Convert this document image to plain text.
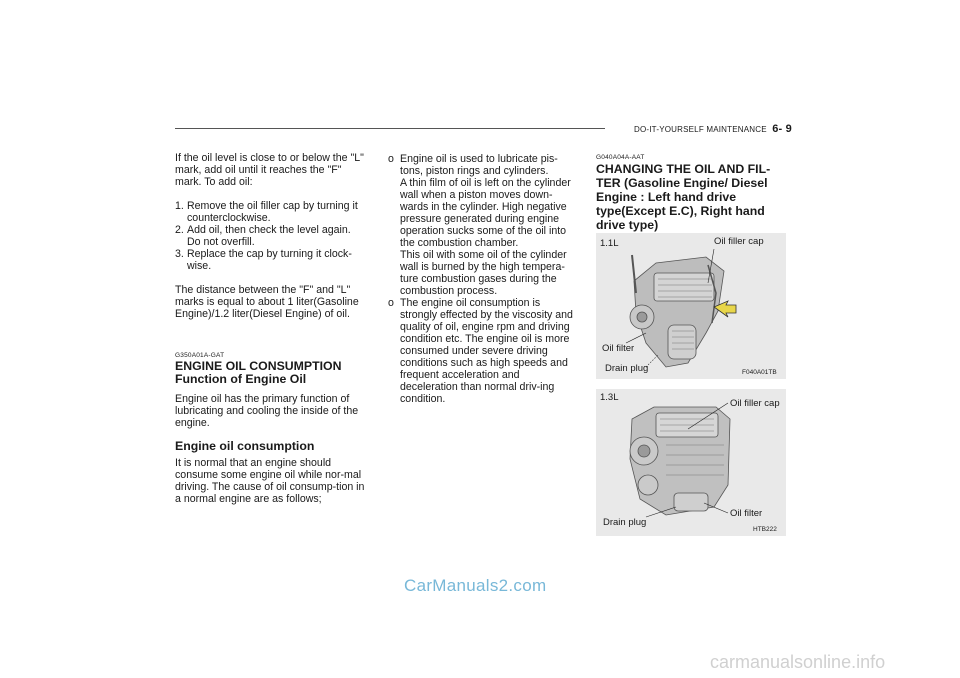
DO-IT-YOURSELF MAINTENANCE 6- 9

If the oil level is close to or below the "L" mark, add oil until it reaches the "F" mark. To add oil:

1. Remove the oil filler cap by turning it counterclockwise.
2. Add oil, then check the level again. Do not overfill.
3. Replace the cap by turning it clock-wise.

The distance between the "F" and "L" marks is equal to about 1 liter(Gasoline Engine)/1.2 liter(Diesel Engine) of oil.

G350A01A-GAT
ENGINE OIL CONSUMPTION
Function of Engine Oil

Engine oil has the primary function of lubricating and cooling the inside of the engine.

Engine oil consumption

It is normal that an engine should consume some engine oil while nor-mal driving. The cause of oil consump-tion in a normal engine are as follows;

o Engine oil is used to lubricate pis-tons, piston rings and cylinders.

A thin film of oil is left on the cylinder wall when a piston moves down-wards in the cylinder. High negative pressure generated during engine operation sucks some of the oil into the combustion chamber.

This oil with some oil of the cylinder wall is burned by the high tempera-ture combustion gases during the combustion process.

o The engine oil consumption is strongly effected by the viscosity and quality of oil, engine rpm and driving condition etc. The engine oil is more consumed under severe driving conditions such as high speeds and frequent acceleration and deceleration than normal driv-ing condition.

G040A04A-AAT
CHANGING THE OIL AND FIL-TER (Gasoline Engine/ Diesel Engine : Left hand drive type(Except E.C), Right hand drive type)
1.1L	Oil filler cap
Oil filter
Drain plug	F040A01TB
1.3L
Oil filler cap
Oil filter
Drain plug
HTB222
CarManuals2.com
carmanualsonline.info
